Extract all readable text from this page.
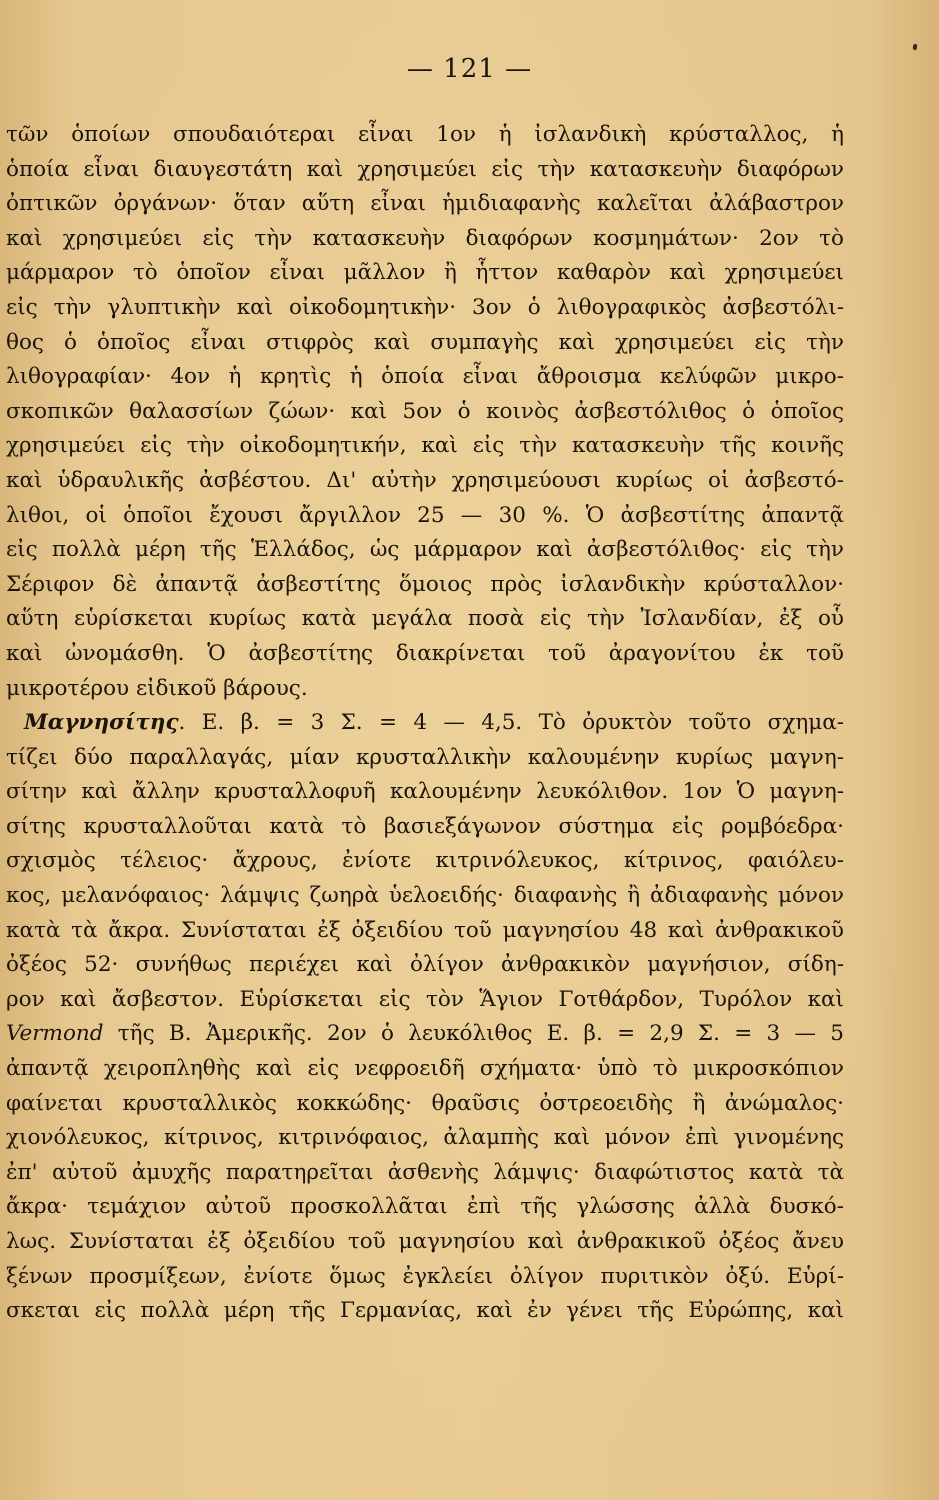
— 121 —
τῶν ὁποίων σπουδαιότεραι εἶναι 1ον ἡ ἰσλανδικὴ κρύσταλλος, ἡ
ὁποία εἶναι διαυγεστάτη καὶ χρησιμεύει εἰς τὴν κατασκευὴν διαφόρων
ὀπτικῶν ὀργάνων· ὅταν αὕτη εἶναι ἡμιδιαφανὴς καλεῖται ἀλάβαστρον
καὶ χρησιμεύει εἰς τὴν κατασκευὴν διαφόρων κοσμημάτων· 2ον τὸ
μάρμαρον τὸ ὁποῖον εἶναι μᾶλλον ἢ ἧττον καθαρὸν καὶ χρησιμεύει
εἰς τὴν γλυπτικὴν καὶ οἰκοδομητικὴν· 3ον ὁ λιθογραφικὸς ἀσβεστόλι-
θος ὁ ὁποῖος εἶναι στιφρὸς καὶ συμπαγὴς καὶ χρησιμεύει εἰς τὴν
λιθογραφίαν· 4ον ἡ κρητὶς ἡ ὁποία εἶναι ἄθροισμα κελύφῶν μικρο-
σκοπικῶν θαλασσίων ζώων· καὶ 5ον ὁ κοινὸς ἀσβεστόλιθος ὁ ὁποῖος
χρησιμεύει εἰς τὴν οἰκοδομητικήν, καὶ εἰς τὴν κατασκευὴν τῆς κοινῆς
καὶ ὑδραυλικῆς ἀσβέστου. Δι' αὐτὴν χρησιμεύουσι κυρίως οἱ ἀσβεστό-
λιθοι, οἱ ὁποῖοι ἔχουσι ἄργιλλον 25 — 30 %. Ὁ ἀσβεστίτης ἀπαντᾷ
εἰς πολλὰ μέρη τῆς Ἑλλάδος, ὡς μάρμαρον καὶ ἀσβεστόλιθος· εἰς τὴν
Σέριφον δὲ ἀπαντᾷ ἀσβεστίτης ὅμοιος πρὸς ἰσλανδικὴν κρύσταλλον·
αὕτη εὑρίσκεται κυρίως κατὰ μεγάλα ποσὰ εἰς τὴν Ἰσλανδίαν, ἐξ οὗ
καὶ ὠνομάσθη. Ὁ ἀσβεστίτης διακρίνεται τοῦ ἀραγονίτου ἐκ τοῦ
μικροτέρου εἰδικοῦ βάρους.
Μαγνησίτης. Ε. β. = 3 Σ. = 4 — 4,5. Τὸ ὀρυκτὸν τοῦτο σχημα-
τίζει δύο παραλλαγάς, μίαν κρυσταλλικὴν καλουμένην κυρίως μαγνη-
σίτην καὶ ἄλλην κρυσταλλοφυῆ καλουμένην λευκόλιθον. 1ον Ὁ μαγνη-
σίτης κρυσταλλοῦται κατὰ τὸ βασιεξάγωνον σύστημα εἰς ρομβόεδρα·
σχισμὸς τέλειος· ἄχρους, ἐνίοτε κιτρινόλευκος, κίτρινος, φαιόλευ-
κος, μελανόφαιος· λάμψις ζωηρὰ ὑελοειδής· διαφανὴς ἢ ἀδιαφανὴς μόνον
κατὰ τὰ ἄκρα. Συνίσταται ἐξ ὀξειδίου τοῦ μαγνησίου 48 καὶ ἀνθρακικοῦ
ὀξέος 52· συνήθως περιέχει καὶ ὀλίγον ἀνθρακικὸν μαγνήσιον, σίδη-
ρον καὶ ἄσβεστον. Εὑρίσκεται εἰς τὸν Ἅγιον Γοτθάρδον, Τυρόλον καὶ
Vermond τῆς Β. Ἀμερικῆς. 2ον ὁ λευκόλιθος Ε. β. = 2,9 Σ. = 3 — 5
ἀπαντᾷ χειροπληθὴς καὶ εἰς νεφροειδῆ σχήματα· ὑπὸ τὸ μικροσκόπιον
φαίνεται κρυσταλλικὸς κοκκώδης· θραῦσις ὀστρεοειδὴς ἢ ἀνώμαλος·
χιονόλευκος, κίτρινος, κιτρινόφαιος, ἀλαμπὴς καὶ μόνον ἐπὶ γινομένης
ἐπ' αὐτοῦ ἀμυχῆς παρατηρεῖται ἀσθενὴς λάμψις· διαφώτιστος κατὰ τὰ
ἄκρα· τεμάχιον αὐτοῦ προσκολλᾶται ἐπὶ τῆς γλώσσης ἀλλὰ δυσκό-
λως. Συνίσταται ἐξ ὀξειδίου τοῦ μαγνησίου καὶ ἀνθρακικοῦ ὀξέος ἄνευ
ξένων προσμίξεων, ἐνίοτε ὅμως ἐγκλείει ὀλίγον πυριτικὸν ὀξύ. Εὑρί-
σκεται εἰς πολλὰ μέρη τῆς Γερμανίας, καὶ ἐν γένει τῆς Εὐρώπης, καὶ
